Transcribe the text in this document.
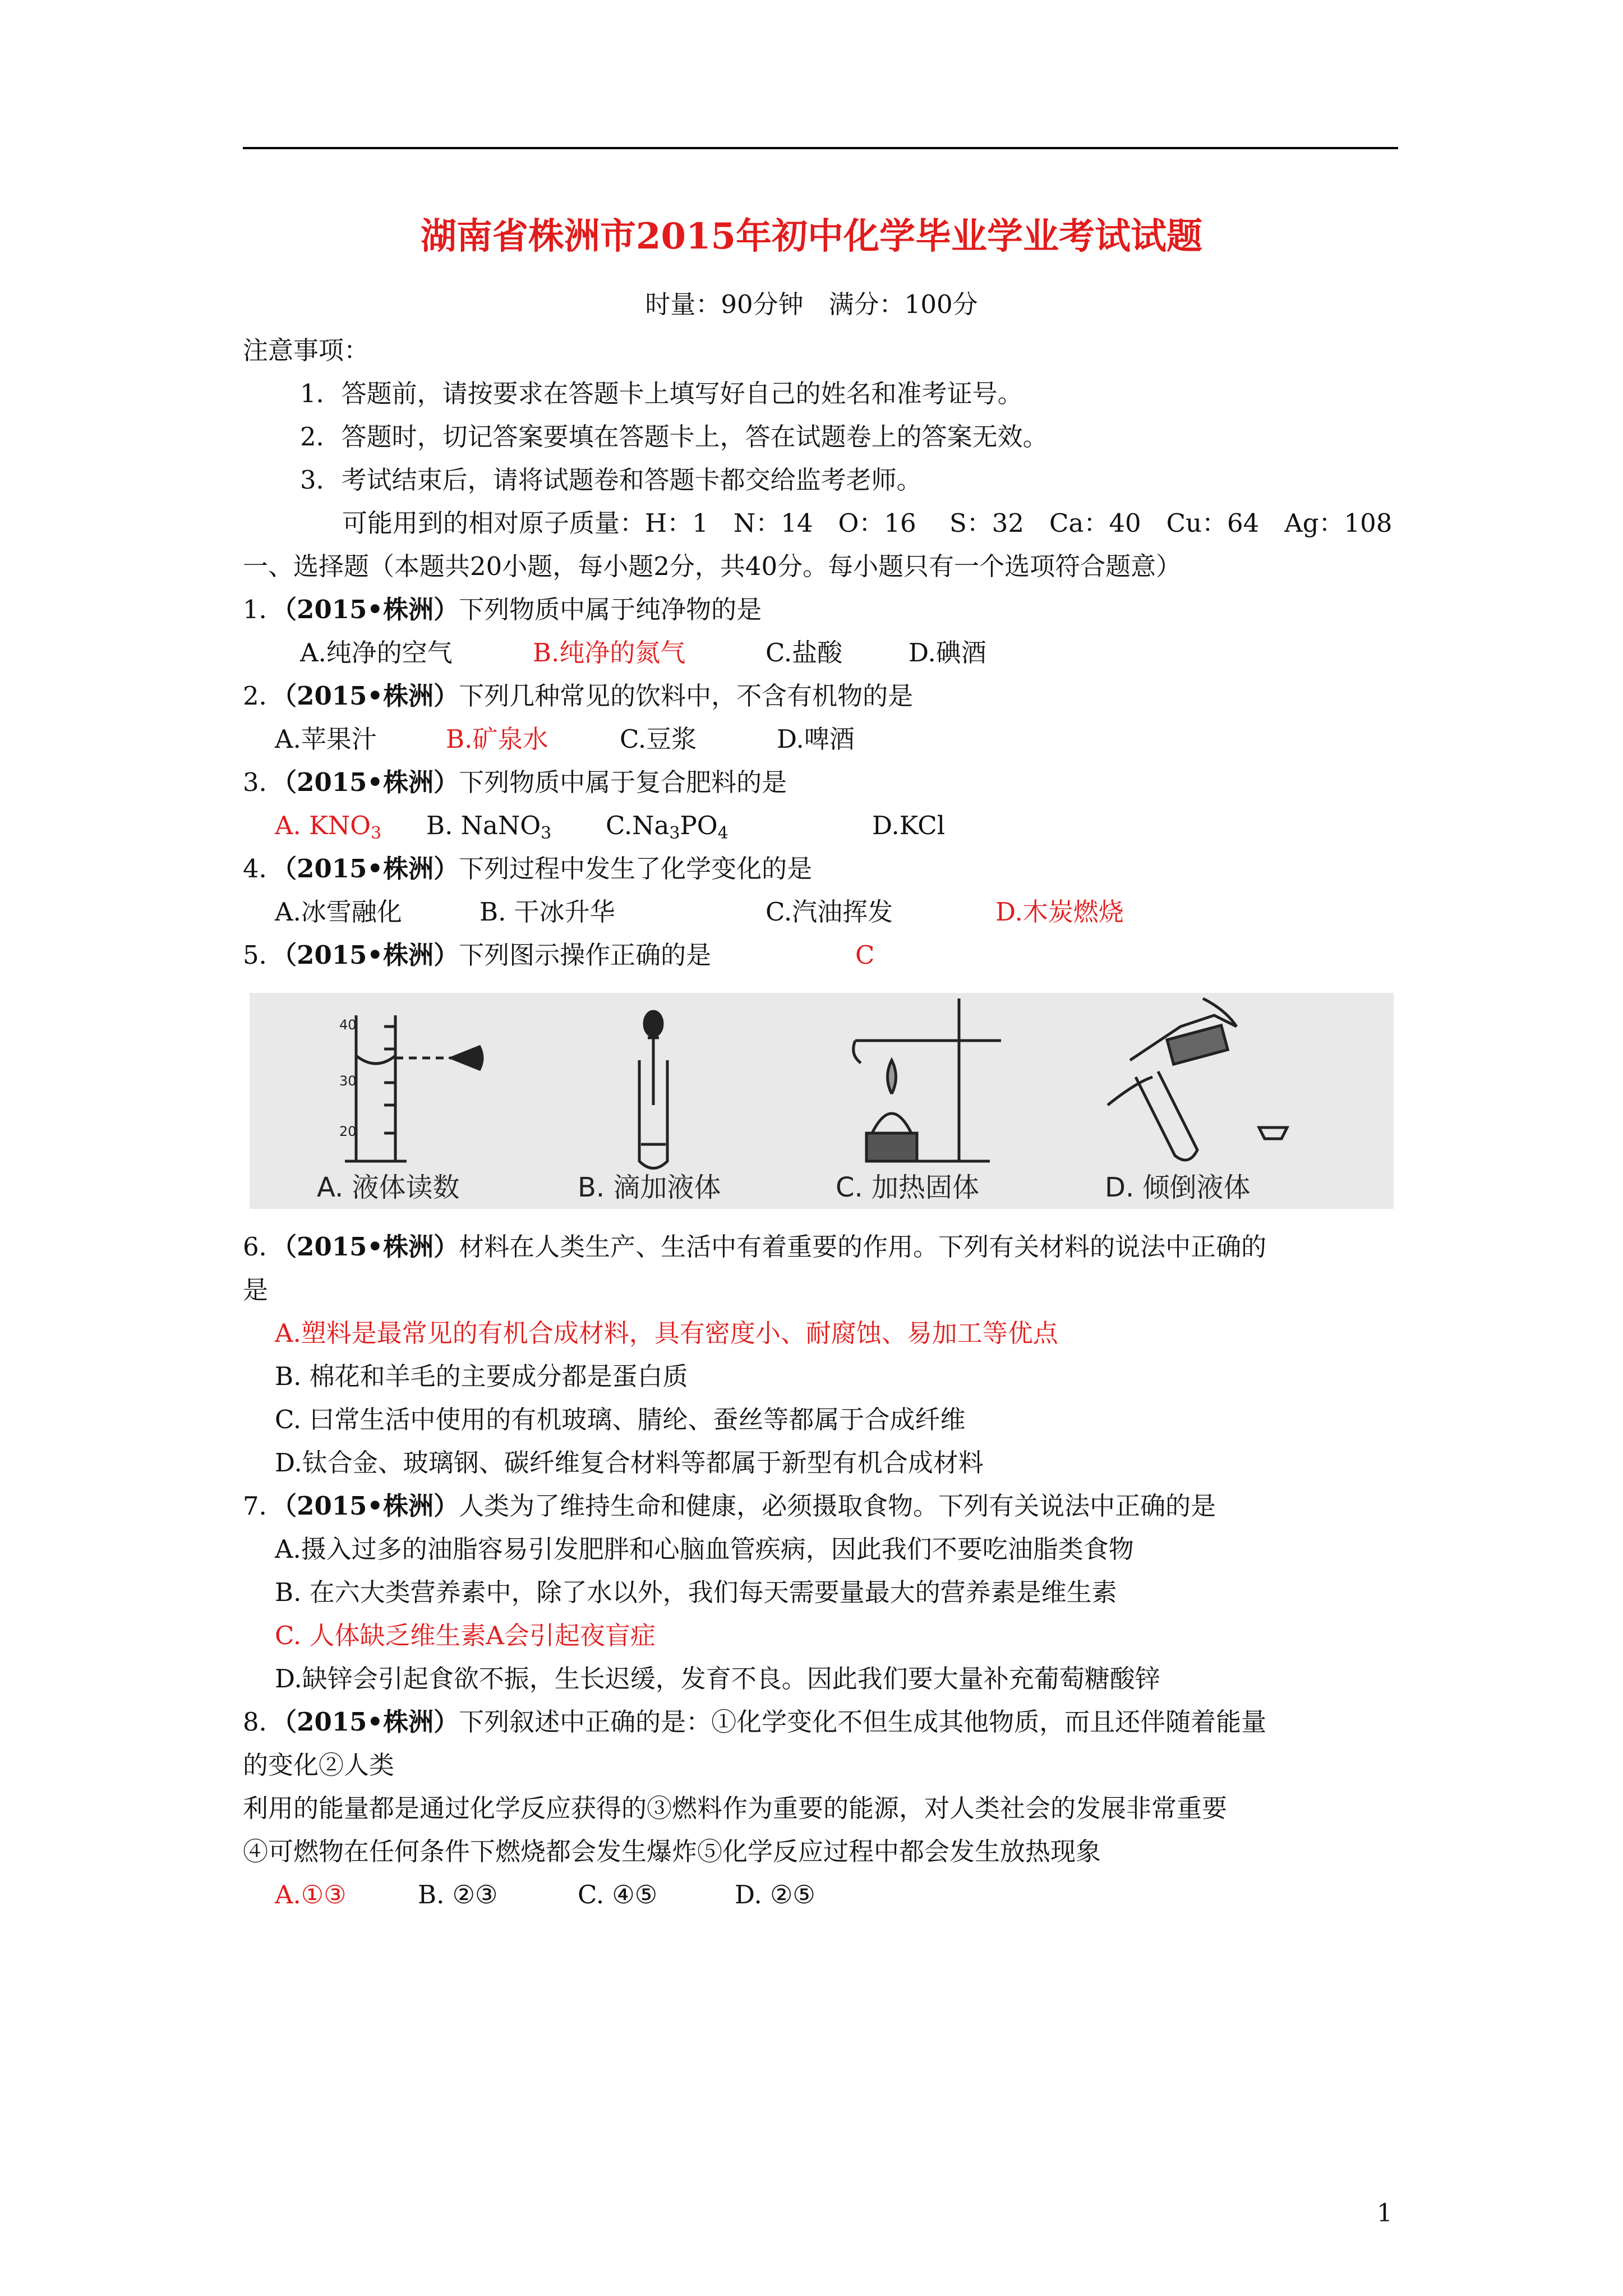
湖南省株洲市2015年初中化学毕业学业考试试题
时量：90分钟　满分：100分
注意事项：
1．答题前，请按要求在答题卡上填写好自己的姓名和准考证号。
2．答题时，切记答案要填在答题卡上，答在试题卷上的答案无效。
3．考试结束后，请将试题卷和答题卡都交给监考老师。
可能用到的相对原子质量：H：1　N：14　O：16　 S：32　Ca：40　Cu：64　Ag：108
一、选择题（本题共20小题，每小题2分，共40分。每小题只有一个选项符合题意）
1．（2015•株洲）下列物质中属于纯净物的是
A.纯净的空气	B.纯净的氮气	C.盐酸	D.碘酒
2．（2015•株洲）下列几种常见的饮料中，不含有机物的是
A.苹果汁	B.矿泉水	C.豆浆	D.啤酒
3．（2015•株洲）下列物质中属于复合肥料的是
A. $KNO_3$ B. NaNO$_3$ $C.Na_3PO_4$	D.KCl
4．（2015•株洲）下列过程中发生了化学变化的是
A.冰雪融化	B. 干冰升华	C.汽油挥发	D.木炭燃烧
5．（2015•株洲）下列图示操作正确的是	C
40
30
20
A. 液体读数	B. 滴加液体	C. 加热固体	D. 倾倒液体
6．（2015•株洲）材料在人类生产、生活中有着重要的作用。下列有关材料的说法中正确的
是
A.塑料是最常见的有机合成材料，具有密度小、耐腐蚀、易加工等优点
B. 棉花和羊毛的主要成分都是蛋白质
C. 曰常生活中使用的有机玻璃、腈纶、蚕丝等都属于合成纤维
D.钛合金、玻璃钢、碳纤维复合材料等都属于新型有机合成材料
7．（2015•株洲）人类为了维持生命和健康，必须摄取食物。下列有关说法中正确的是
A.摄入过多的油脂容易引发肥胖和心脑血管疾病，因此我们不要吃油脂类食物
B. 在六大类营养素中，除了水以外，我们每天需要量最大的营养素是维生素
C. 人体缺乏维生素A会引起夜盲症
D.缺锌会引起食欲不振，生长迟缓，发育不良。因此我们要大量补充葡萄糖酸锌
8．（2015•株洲）下列叙述中正确的是：①化学变化不但生成其他物质，而且还伴随着能量
的变化②人类
利用的能量都是通过化学反应获得的③燃料作为重要的能源，对人类社会的发展非常重要
④可燃物在任何条件下燃烧都会发生爆炸⑤化学反应过程中都会发生放热现象
A.①③	B. ②③	C. ④⑤	D. ②⑤
1
